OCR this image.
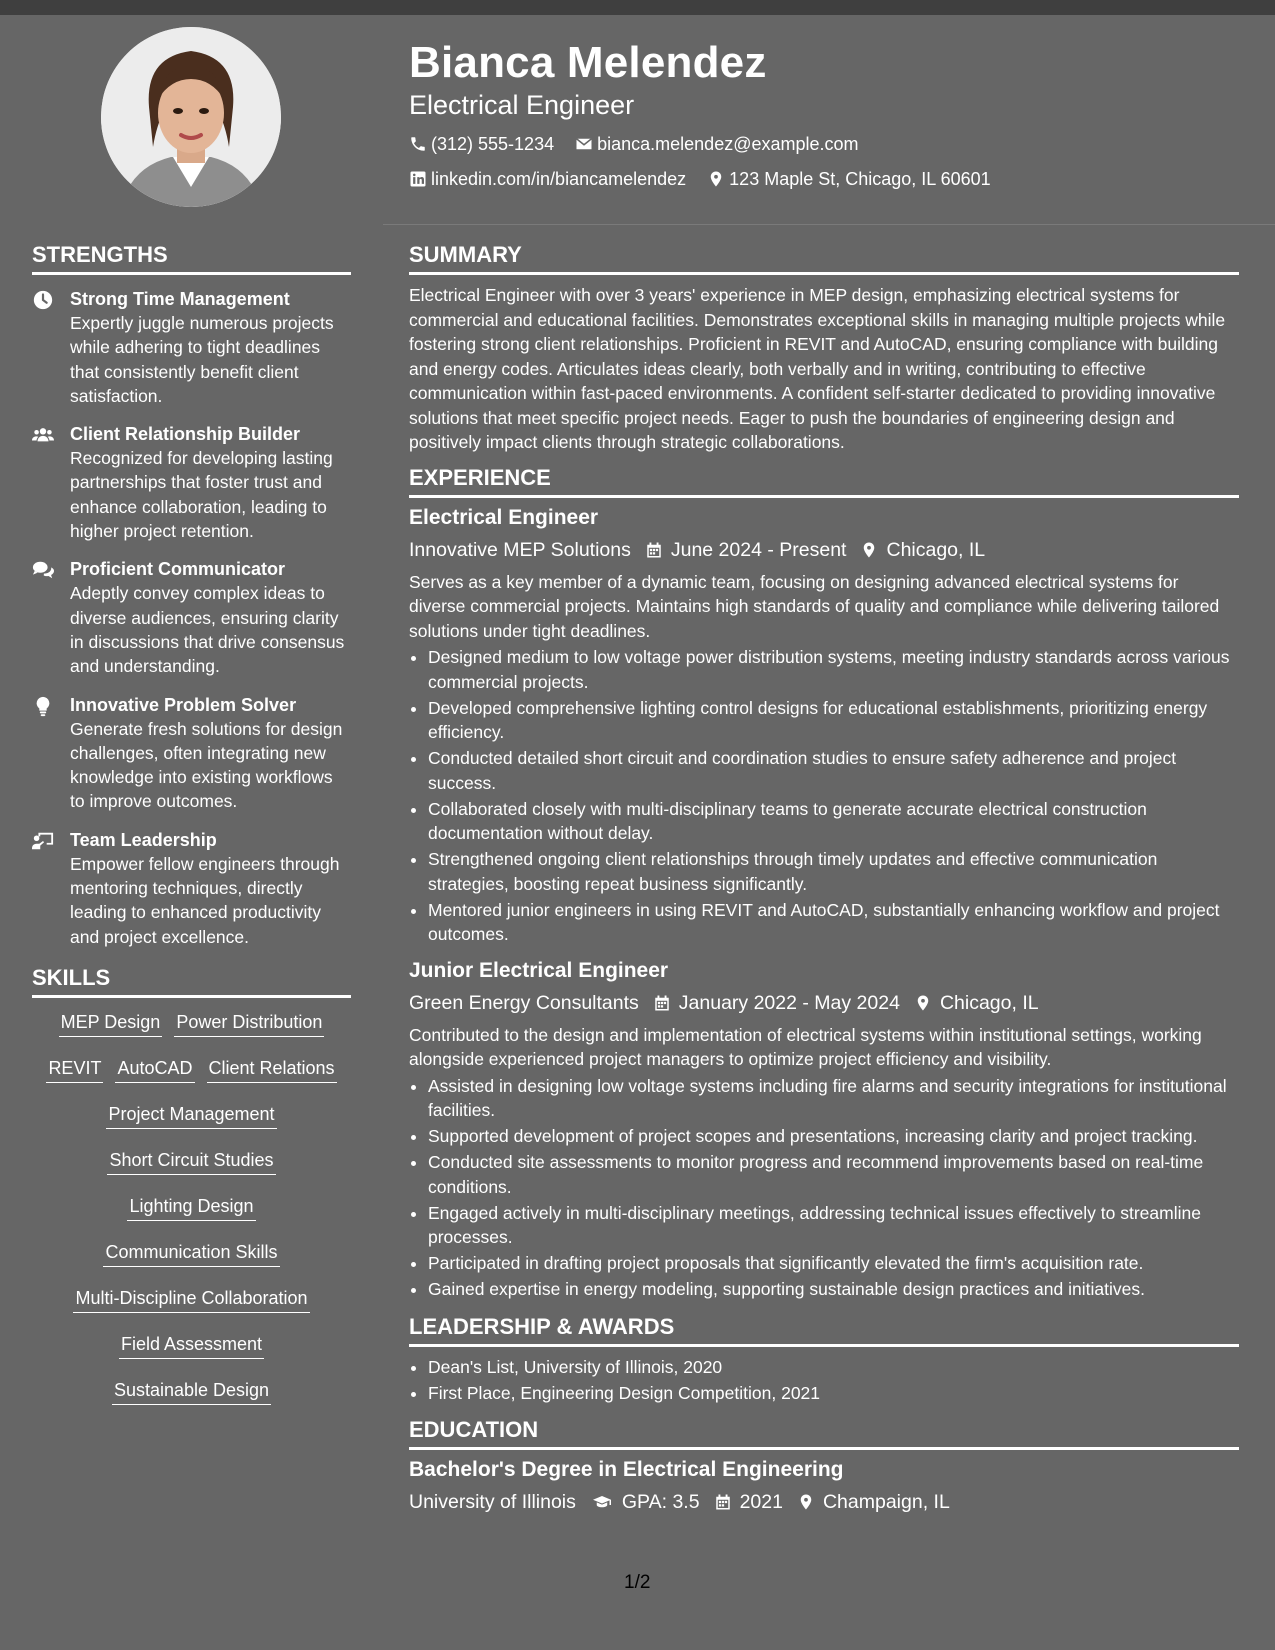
Bianca Melendez
Electrical Engineer
(312) 555-1234
bianca.melendez@example.com
linkedin.com/in/biancamelendez
123 Maple St, Chicago, IL 60601
STRENGTHS
Strong Time Management
Expertly juggle numerous projects while adhering to tight deadlines that consistently benefit client satisfaction.
Client Relationship Builder
Recognized for developing lasting partnerships that foster trust and enhance collaboration, leading to higher project retention.
Proficient Communicator
Adeptly convey complex ideas to diverse audiences, ensuring clarity in discussions that drive consensus and understanding.
Innovative Problem Solver
Generate fresh solutions for design challenges, often integrating new knowledge into existing workflows to improve outcomes.
Team Leadership
Empower fellow engineers through mentoring techniques, directly leading to enhanced productivity and project excellence.
SKILLS
MEP Design Power Distribution
REVIT AutoCAD Client Relations
Project Management
Short Circuit Studies
Lighting Design
Communication Skills
Multi-Discipline Collaboration
Field Assessment
Sustainable Design
SUMMARY

Electrical Engineer with over 3 years' experience in MEP design, emphasizing electrical systems for commercial and educational facilities. Demonstrates exceptional skills in managing multiple projects while fostering strong client relationships. Proficient in REVIT and AutoCAD, ensuring compliance with building and energy codes. Articulates ideas clearly, both verbally and in writing, contributing to effective communication within fast-paced environments. A confident self-starter dedicated to providing innovative solutions that meet specific project needs. Eager to push the boundaries of engineering design and positively impact clients through strategic collaborations.

EXPERIENCE
Electrical Engineer
Innovative MEP Solutions June 2024 - Present Chicago, IL

Serves as a key member of a dynamic team, focusing on designing advanced electrical systems for diverse commercial projects. Maintains high standards of quality and compliance while delivering tailored solutions under tight deadlines.

• Designed medium to low voltage power distribution systems, meeting industry standards across various commercial projects.
• Developed comprehensive lighting control designs for educational establishments, prioritizing energy efficiency.
• Conducted detailed short circuit and coordination studies to ensure safety adherence and project success.
• Collaborated closely with multi-disciplinary teams to generate accurate electrical construction documentation without delay.
• Strengthened ongoing client relationships through timely updates and effective communication strategies, boosting repeat business significantly.
• Mentored junior engineers in using REVIT and AutoCAD, substantially enhancing workflow and project outcomes.
Junior Electrical Engineer
Green Energy Consultants January 2022 - May 2024 Chicago, IL

Contributed to the design and implementation of electrical systems within institutional settings, working alongside experienced project managers to optimize project efficiency and visibility.

• Assisted in designing low voltage systems including fire alarms and security integrations for institutional facilities.
• Supported development of project scopes and presentations, increasing clarity and project tracking.
• Conducted site assessments to monitor progress and recommend improvements based on real-time conditions.
• Engaged actively in multi-disciplinary meetings, addressing technical issues effectively to streamline processes.
• Participated in drafting project proposals that significantly elevated the firm's acquisition rate.
• Gained expertise in energy modeling, supporting sustainable design practices and initiatives.
LEADERSHIP & AWARDS
• Dean's List, University of Illinois, 2020
• First Place, Engineering Design Competition, 2021
EDUCATION
Bachelor's Degree in Electrical Engineering
University of Illinois GPA: 3.5 2021 Champaign, IL
1/2
